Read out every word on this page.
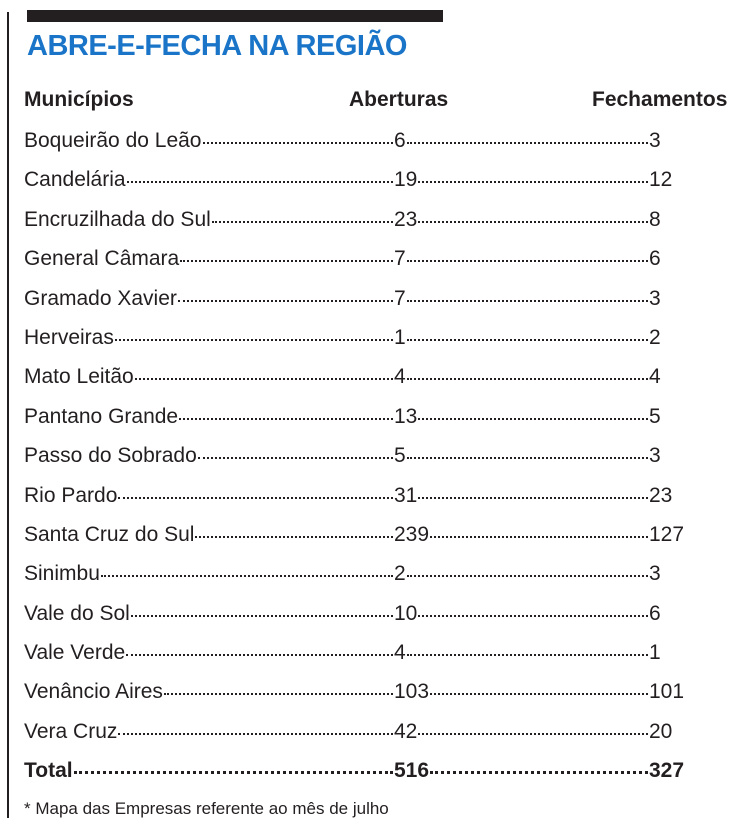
ABRE-E-FECHA NA REGIÃO
Municípios	Aberturas	Fechamentos
Boqueirão do Leão	6	3
Candelária	19	12
Encruzilhada do Sul	23	8
General Câmara	7	6
Gramado Xavier	7	3
Herveiras	1	2
Mato Leitão	4	4
Pantano Grande	13	5
Passo do Sobrado	5	3
Rio Pardo	31	23
Santa Cruz do Sul	239	127
Sinimbu	2	3
Vale do Sol	10	6
Vale Verde	4	1
Venâncio Aires	103	101
Vera Cruz	42	20
Total	516	327
* Mapa das Empresas referente ao mês de julho
